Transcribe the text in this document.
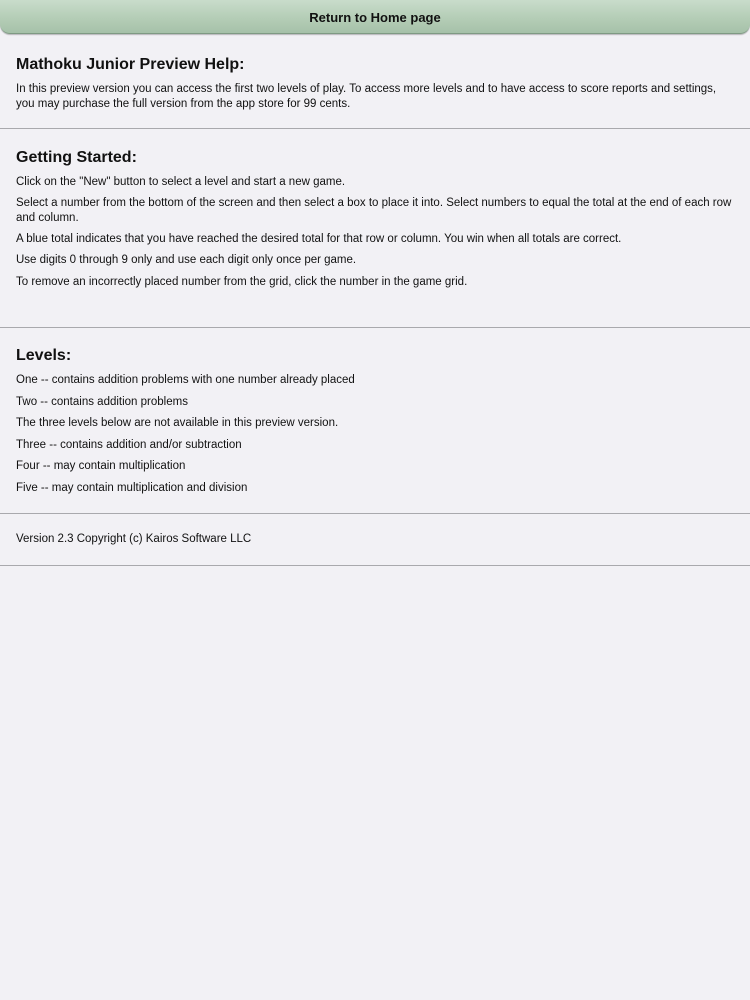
Return to Home page
Mathoku Junior Preview Help:

In this preview version you can access the first two levels of play. To access more levels and to have access to score reports and settings, you may purchase the full version from the app store for 99 cents.

Getting Started:

Click on the "New" button to select a level and start a new game.

Select a number from the bottom of the screen and then select a box to place it into. Select numbers to equal the total at the end of each row and column.

A blue total indicates that you have reached the desired total for that row or column. You win when all totals are correct.

Use digits 0 through 9 only and use each digit only once per game.

To remove an incorrectly placed number from the grid, click the number in the game grid.

Levels:

One -- contains addition problems with one number already placed

Two -- contains addition problems

The three levels below are not available in this preview version.

Three -- contains addition and/or subtraction

Four -- may contain multiplication

Five -- may contain multiplication and division

Version 2.3 Copyright (c) Kairos Software LLC
